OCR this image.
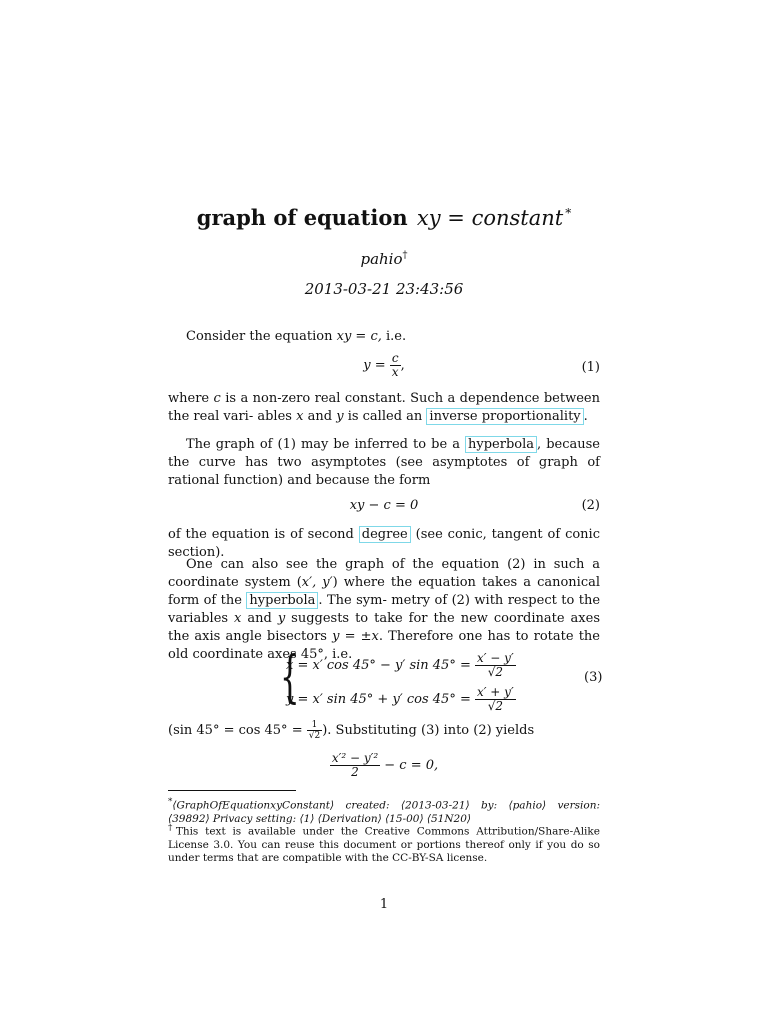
graph of equation xy = constant *
pahio†
2013-03-21 23:43:56
Consider the equation xy = c, i.e.
$y = \frac{c}{x}$ ,	(1)
where c is a non-zero real constant. Such a dependence between the real vari- ables x and y is called an inverse proportionality .
The graph of (1) may be inferred to be a hyperbola , because the curve has two asymptotes (see asymptotes of graph of rational function) and because the form
xy − c = 0	(2)
of the equation is of second degree (see conic, tangent of conic section).
One can also see the graph of the equation (2) in such a coordinate system (x′, y′) where the equation takes a canonical form of the hyperbola . The sym- metry of (2) with respect to the variables x and y suggests to take for the new coordinate axes the axis angle bisectors y = ±x. Therefore one has to rotate the old coordinate axes 45°, i.e.
{
x = x′ cos 45° − y′ $\sin 45^\circ = \frac{x' - y'}{√2}$
y = x′ sin 45° + y′ $\cos 45^\circ = \frac{x' + y'}{√2}$
(3)
(sin $45^\circ = \cos 45^\circ = \frac{1}{√2}$ ). Substituting (3) into (2) yields
$\frac{\text{x′² − y′²}}{2} - c = 0$,
*⟨GraphOfEquationxyConstant⟩ created: ⟨2013-03-21⟩ by: ⟨pahio⟩ version: ⟨39892⟩ Privacy setting: ⟨1⟩ ⟨Derivation⟩ ⟨15-00⟩ ⟨51N20⟩
†This text is available under the Creative Commons Attribution/Share-Alike License 3.0. You can reuse this document or portions thereof only if you do so under terms that are compatible with the CC-BY-SA license.
1
